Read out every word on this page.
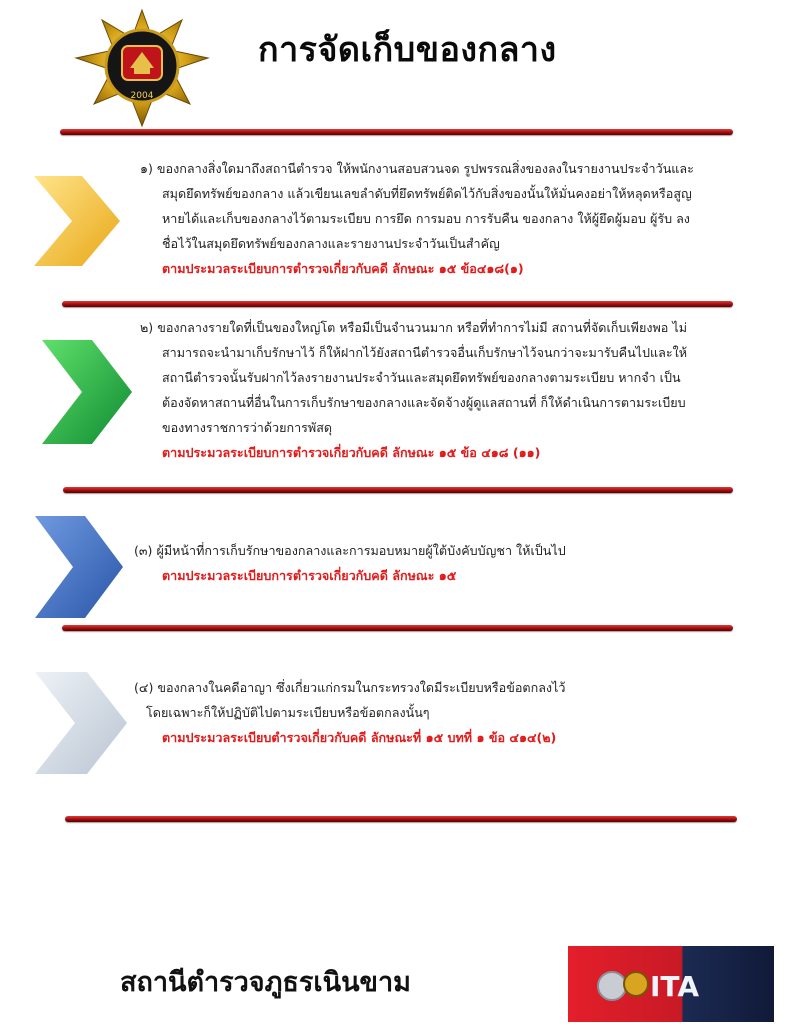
2004
การจัดเก็บของกลาง
๑) ของกลางสิ่งใดมาถึงสถานีตำรวจ ให้พนักงานสอบสวนจด รูปพรรณสิ่งของลงในรายงานประจำวันและ
สมุดยึดทรัพย์ของกลาง แล้วเขียนเลขลำดับที่ยึดทรัพย์ติดไว้กับสิ่งของนั้นให้มั่นคงอย่าให้หลุดหรือสูญ
หายได้และเก็บของกลางไว้ตามระเบียบ การยึด การมอบ การรับคืน ของกลาง ให้ผู้ยึดผู้มอบ ผู้รับ ลง
ชื่อไว้ในสมุดยึดทรัพย์ของกลางและรายงานประจำวันเป็นสำคัญ
ตามประมวลระเบียบการตำรวจเกี่ยวกับคดี ลักษณะ ๑๕ ข้อ๔๑๘(๑)
๒) ของกลางรายใดที่เป็นของใหญ่โต หรือมีเป็นจำนวนมาก หรือที่ทำการไม่มี สถานที่จัดเก็บเพียงพอ ไม่
สามารถจะนำมาเก็บรักษาไว้ ก็ให้ฝากไว้ยังสถานีตำรวจอื่นเก็บรักษาไว้จนกว่าจะมารับคืนไปและให้
สถานีตำรวจนั้นรับฝากไว้ลงรายงานประจำวันและสมุดยึดทรัพย์ของกลางตามระเบียบ หากจำ เป็น
ต้องจัดหาสถานที่อื่นในการเก็บรักษาของกลางและจัดจ้างผู้ดูแลสถานที่ ก็ให้ดำเนินการตามระเบียบ
ของทางราชการว่าด้วยการพัสดุ
ตามประมวลระเบียบการตำรวจเกี่ยวกับคดี ลักษณะ ๑๕ ข้อ ๔๑๘ (๑๑)
(๓) ผู้มีหน้าที่การเก็บรักษาของกลางและการมอบหมายผู้ใต้บังคับบัญชา ให้เป็นไป
ตามประมวลระเบียบการตำรวจเกี่ยวกับคดี ลักษณะ ๑๕
(๔) ของกลางในคดีอาญา ซึ่งเกี่ยวแก่กรมในกระทรวงใดมีระเบียบหรือข้อตกลงไว้
โดยเฉพาะก็ให้ปฏิบัติไปตามระเบียบหรือข้อตกลงนั้นๆ
ตามประมวลระเบียบตำรวจเกี่ยวกับคดี ลักษณะที่ ๑๕ บทที่ ๑ ข้อ ๔๑๔(๒)
สถานีตำรวจภูธรเนินขาม	ITA
